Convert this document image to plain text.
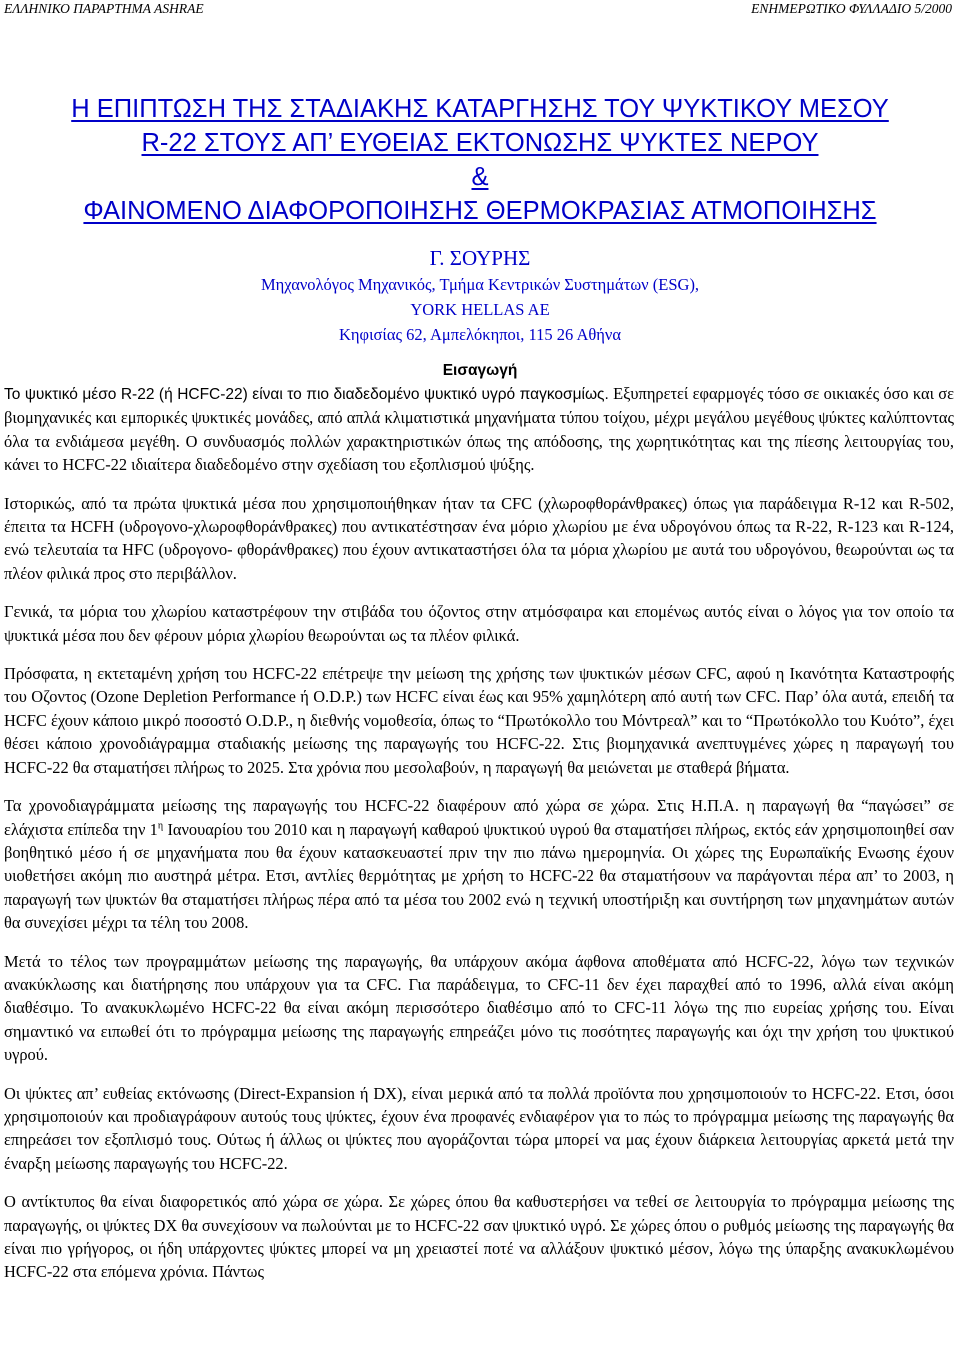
ΕΛΛΗΝΙΚΟ ΠΑΡΑΡΤΗΜΑ ASHRAE	ΕΝΗΜΕΡΩΤΙΚΟ ΦΥΛΛΑΔΙΟ 5/2000
Η ΕΠΙΠΤΩΣΗ ΤΗΣ ΣΤΑΔΙΑΚΗΣ ΚΑΤΑΡΓΗΣΗΣ ΤΟΥ ΨΥΚΤΙΚΟΥ ΜΕΣΟΥ
R-22 ΣΤΟΥΣ ΑΠ’ ΕΥΘΕΙΑΣ ΕΚΤΟΝΩΣΗΣ ΨΥΚΤΕΣ ΝΕΡΟΥ
&
ΦΑΙΝΟΜΕΝΟ ΔΙΑΦΟΡΟΠΟΙΗΣΗΣ ΘΕΡΜΟΚΡΑΣΙΑΣ ΑΤΜΟΠΟΙΗΣΗΣ
Γ. ΣΟΥΡΗΣ
Μηχανολόγος Μηχανικός, Τμήμα Κεντρικών Συστημάτων (ESG),
YORK HELLAS AE
Κηφισίας 62, Αμπελόκηποι, 115 26 Αθήνα
Εισαγωγή

Το ψυκτικό μέσο R-22 (ή HCFC-22) είναι το πιο διαδεδομένο ψυκτικό υγρό παγκοσμίως. Εξυπηρετεί εφαρμογές τόσο σε οικιακές όσο και σε βιομηχανικές και εμπορικές ψυκτικές μονάδες, από απλά κλιματιστικά μηχανήματα τύπου τοίχου, μέχρι μεγάλου μεγέθους ψύκτες καλύπτοντας όλα τα ενδιάμεσα μεγέθη. Ο συνδυασμός πολλών χαρακτηριστικών όπως της απόδοσης, της χωρητικότητας και της πίεσης λειτουργίας του, κάνει το HCFC-22 ιδιαίτερα διαδεδομένο στην σχεδίαση του εξοπλισμού ψύξης.

Ιστορικώς, από τα πρώτα ψυκτικά μέσα που χρησιμοποιήθηκαν ήταν τα CFC (χλωροφθοράνθρακες) όπως για παράδειγμα R-12 και R-502, έπειτα τα HCFH (υδρογονο-χλωροφθοράνθρακες) που αντικατέστησαν ένα μόριο χλωρίου με ένα υδρογόνου όπως τα R-22, R-123 και R-124, ενώ τελευταία τα HFC (υδρογονο- φθοράνθρακες) που έχουν αντικαταστήσει όλα τα μόρια χλωρίου με αυτά του υδρογόνου, θεωρούνται ως τα πλέον φιλικά προς στο περιβάλλον.

Γενικά, τα μόρια του χλωρίου καταστρέφουν την στιβάδα του όζοντος στην ατμόσφαιρα και επομένως αυτός είναι ο λόγος για τον οποίο τα ψυκτικά μέσα που δεν φέρουν μόρια χλωρίου θεωρούνται ως τα πλέον φιλικά.

Πρόσφατα, η εκτεταμένη χρήση του HCFC-22 επέτρεψε την μείωση της χρήσης των ψυκτικών μέσων CFC, αφού η Ικανότητα Καταστροφής του Οζοντος (Ozone Depletion Performance ή O.D.P.) των HCFC είναι έως και 95% χαμηλότερη από αυτή των CFC. Παρ’ όλα αυτά, επειδή τα HCFC έχουν κάποιο μικρό ποσοστό O.D.P., η διεθνής νομοθεσία, όπως το “Πρωτόκολλο του Μόντρεαλ” και το “Πρωτόκολλο του Κυότο”, έχει θέσει κάποιο χρονοδιάγραμμα σταδιακής μείωσης της παραγωγής του HCFC-22. Στις βιομηχανικά ανεπτυγμένες χώρες η παραγωγή του HCFC-22 θα σταματήσει πλήρως το 2025. Στα χρόνια που μεσολαβούν, η παραγωγή θα μειώνεται με σταθερά βήματα.

Τα χρονοδιαγράμματα μείωσης της παραγωγής του HCFC-22 διαφέρουν από χώρα σε χώρα. Στις Η.Π.Α. η παραγωγή θα “παγώσει” σε ελάχιστα επίπεδα την $1^\eta$ Ιανουαρίου του 2010 και η παραγωγή καθαρού ψυκτικού υγρού θα σταματήσει πλήρως, εκτός εάν χρησιμοποιηθεί σαν βοηθητικό μέσο ή σε μηχανήματα που θα έχουν κατασκευαστεί πριν την πιο πάνω ημερομηνία. Οι χώρες της Ευρωπαϊκής Ενωσης έχουν υιοθετήσει ακόμη πιο αυστηρά μέτρα. Ετσι, αντλίες θερμότητας με χρήση το HCFC-22 θα σταματήσουν να παράγονται πέρα απ’ το 2003, η παραγωγή των ψυκτών θα σταματήσει πλήρως πέρα από τα μέσα του 2002 ενώ η τεχνική υποστήριξη και συντήρηση των μηχανημάτων αυτών θα συνεχίσει μέχρι τα τέλη του 2008.

Μετά το τέλος των προγραμμάτων μείωσης της παραγωγής, θα υπάρχουν ακόμα άφθονα αποθέματα από HCFC-22, λόγω των τεχνικών ανακύκλωσης και διατήρησης που υπάρχουν για τα CFC. Για παράδειγμα, το CFC-11 δεν έχει παραχθεί από το 1996, αλλά είναι ακόμη διαθέσιμο. Το ανακυκλωμένο HCFC-22 θα είναι ακόμη περισσότερο διαθέσιμο από το CFC-11 λόγω της πιο ευρείας χρήσης του. Είναι σημαντικό να ειπωθεί ότι το πρόγραμμα μείωσης της παραγωγής επηρεάζει μόνο τις ποσότητες παραγωγής και όχι την χρήση του ψυκτικού υγρού.

Οι ψύκτες απ’ ευθείας εκτόνωσης (Direct-Expansion ή DX), είναι μερικά από τα πολλά προϊόντα που χρησιμοποιούν το HCFC-22. Ετσι, όσοι χρησιμοποιούν και προδιαγράφουν αυτούς τους ψύκτες, έχουν ένα προφανές ενδιαφέρον για το πώς το πρόγραμμα μείωσης της παραγωγής θα επηρεάσει τον εξοπλισμό τους. Ούτως ή άλλως οι ψύκτες που αγοράζονται τώρα μπορεί να μας έχουν διάρκεια λειτουργίας αρκετά μετά την έναρξη μείωσης παραγωγής του HCFC-22.

Ο αντίκτυπος θα είναι διαφορετικός από χώρα σε χώρα. Σε χώρες όπου θα καθυστερήσει να τεθεί σε λειτουργία το πρόγραμμα μείωσης της παραγωγής, οι ψύκτες DX θα συνεχίσουν να πωλούνται με το HCFC-22 σαν ψυκτικό υγρό. Σε χώρες όπου ο ρυθμός μείωσης της παραγωγής θα είναι πιο γρήγορος, οι ήδη υπάρχοντες ψύκτες μπορεί να μη χρειαστεί ποτέ να αλλάξουν ψυκτικό μέσον, λόγω της ύπαρξης ανακυκλωμένου HCFC-22 στα επόμενα χρόνια. Πάντως
